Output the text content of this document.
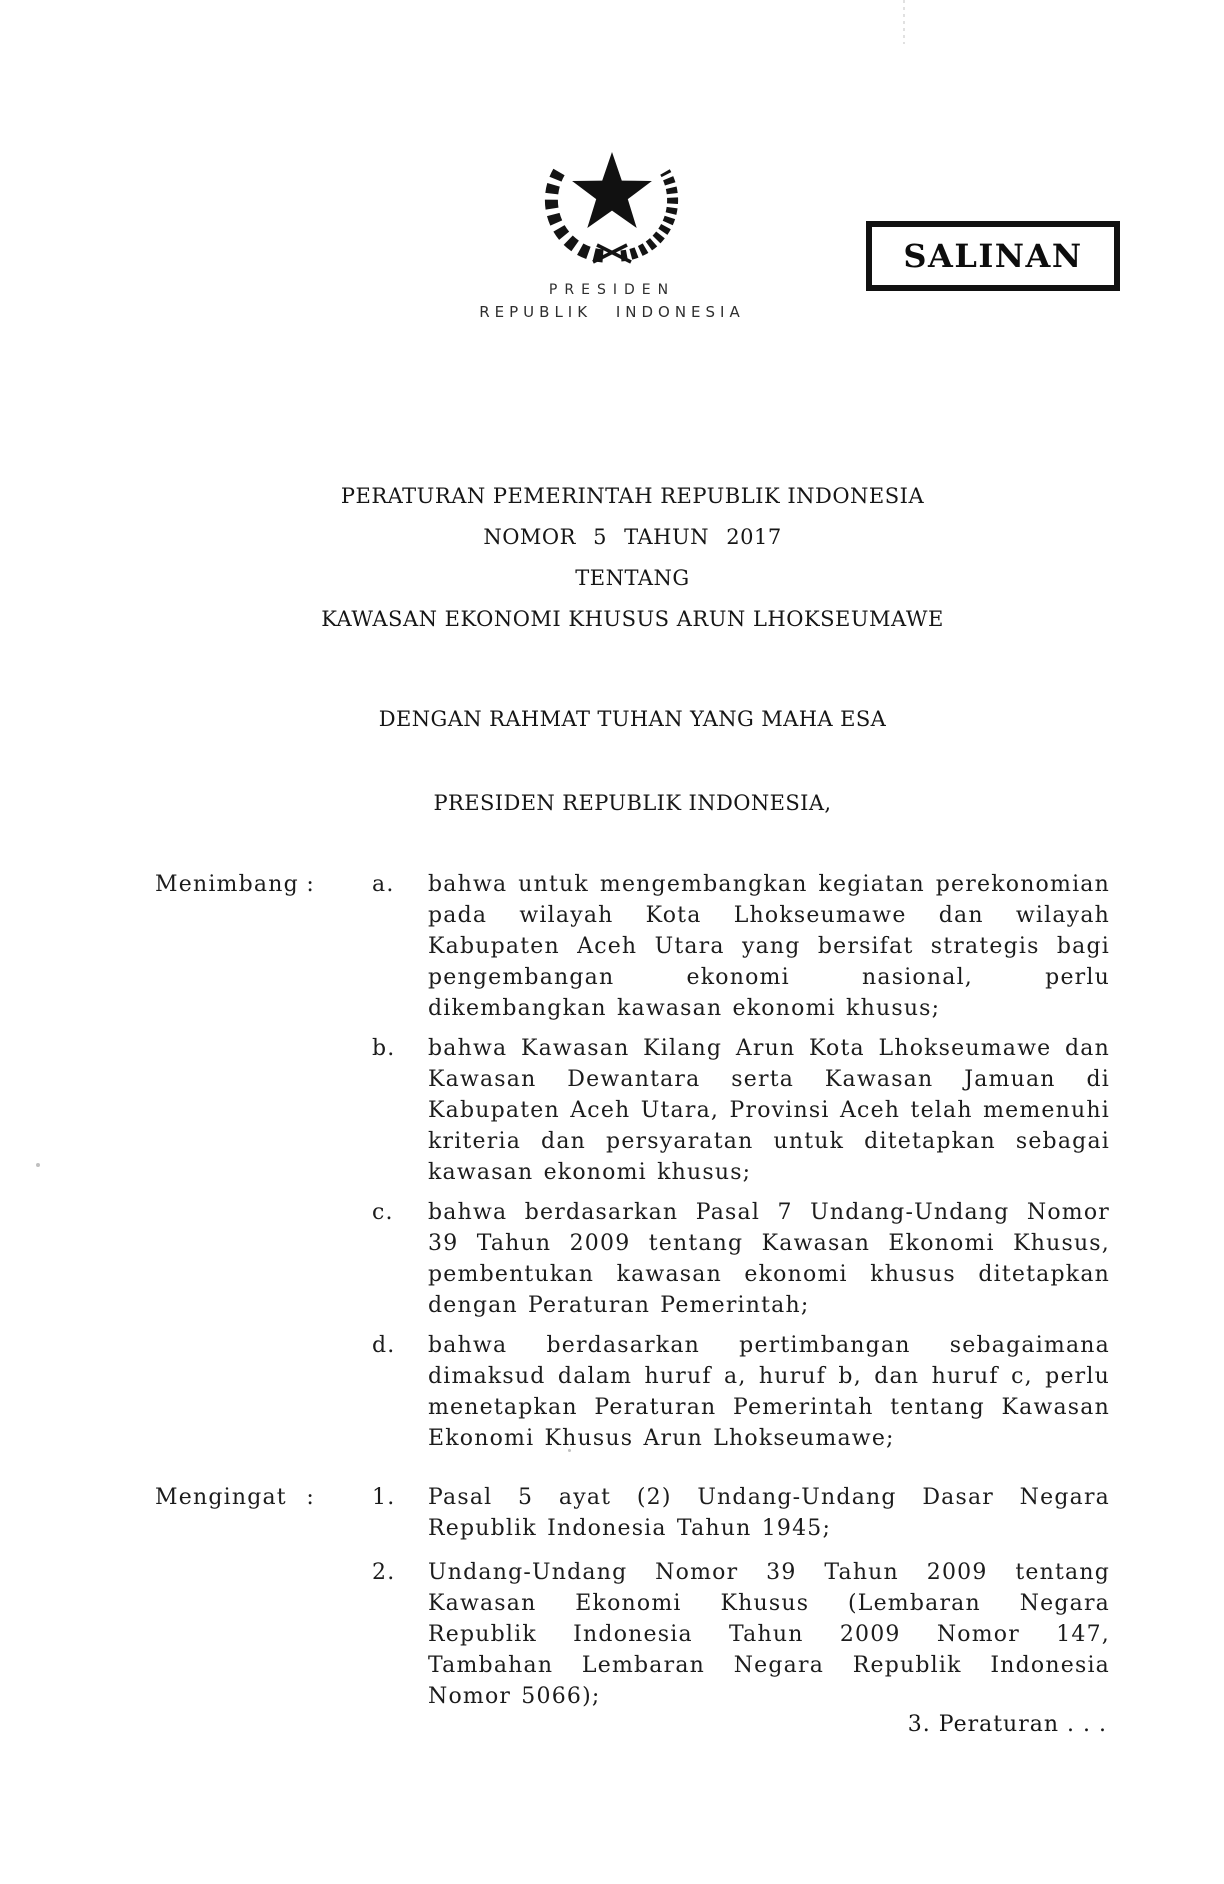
PRESIDEN

REPUBLIK INDONESIA

SALINAN

PERATURAN PEMERINTAH REPUBLIK INDONESIA

NOMOR 5 TAHUN 2017

TENTANG

KAWASAN EKONOMI KHUSUS ARUN LHOKSEUMAWE

DENGAN RAHMAT TUHAN YANG MAHA ESA

PRESIDEN REPUBLIK INDONESIA,

Menimbang :	a.	bahwa untuk mengembangkan kegiatan perekonomian pada wilayah Kota Lhokseumawe dan wilayah Kabupaten Aceh Utara yang bersifat strategis bagi pengembangan ekonomi nasional, perlu dikembangkan kawasan ekonomi khusus;
b.	bahwa Kawasan Kilang Arun Kota Lhokseumawe dan Kawasan Dewantara serta Kawasan Jamuan di Kabupaten Aceh Utara, Provinsi Aceh telah memenuhi kriteria dan persyaratan untuk ditetapkan sebagai kawasan ekonomi khusus;
c.	bahwa berdasarkan Pasal 7 Undang-Undang Nomor 39 Tahun 2009 tentang Kawasan Ekonomi Khusus, pembentukan kawasan ekonomi khusus ditetapkan dengan Peraturan Pemerintah;
d.	bahwa berdasarkan pertimbangan sebagaimana dimaksud dalam huruf a, huruf b, dan huruf c, perlu menetapkan Peraturan Pemerintah tentang Kawasan Ekonomi Khusus Arun Lhokseumawe;
Mengingat :	1.	Pasal 5 ayat (2) Undang-Undang Dasar Negara Republik Indonesia Tahun 1945;
2.	Undang-Undang Nomor 39 Tahun 2009 tentang Kawasan Ekonomi Khusus (Lembaran Negara Republik Indonesia Tahun 2009 Nomor 147, Tambahan Lembaran Negara Republik Indonesia Nomor 5066);

3. Peraturan . . .
